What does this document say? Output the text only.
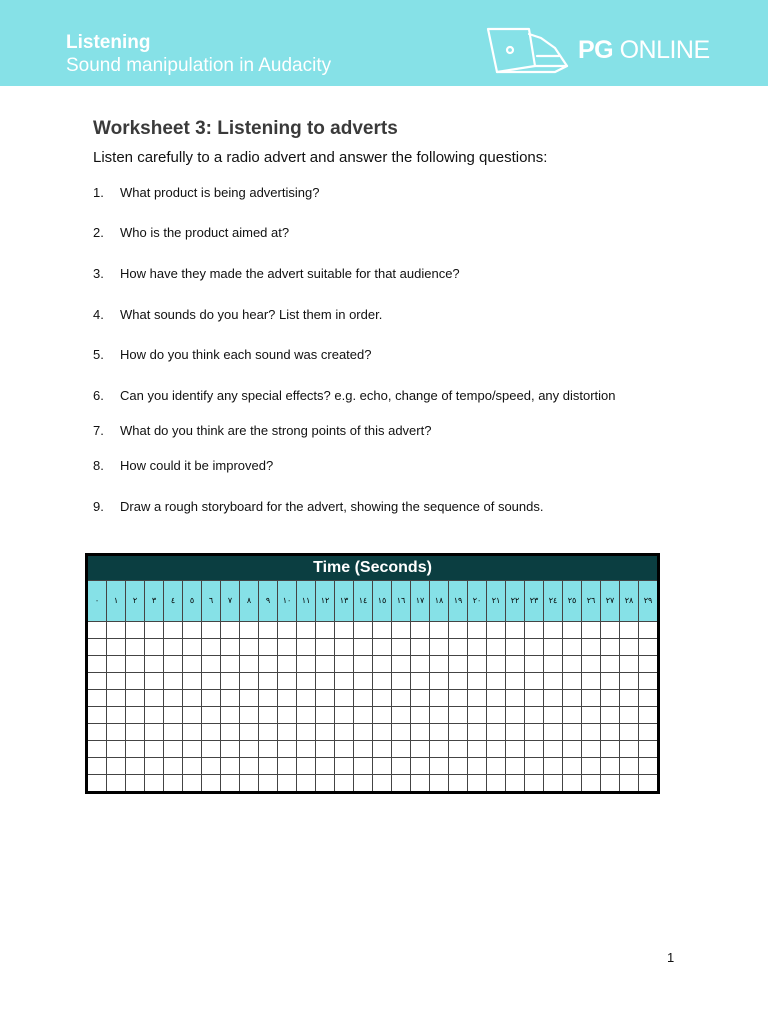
Listening
Sound manipulation in Audacity
PG ONLINE
Worksheet 3: Listening to adverts
Listen carefully to a radio advert and answer the following questions:
1. What product is being advertising?
2. Who is the product aimed at?
3. How have they made the advert suitable for that audience?
4. What sounds do you hear? List them in order.
5. How do you think each sound was created?
6. Can you identify any special effects? e.g. echo, change of tempo/speed, any distortion
7. What do you think are the strong points of this advert?
8. How could it be improved?
9. Draw a rough storyboard for the advert, showing the sequence of sounds.
Time (Seconds)																													
٠	١	٢	٣	٤	٥	٦	٧	٨	٩	١٠	١١	١٢	١٣	١٤	١٥	١٦	١٧	١٨	١٩	٢٠	٢١	٢٢	٢٣	٢٤	٢٥	٢٦	٢٧	٢٨	٢٩

1
